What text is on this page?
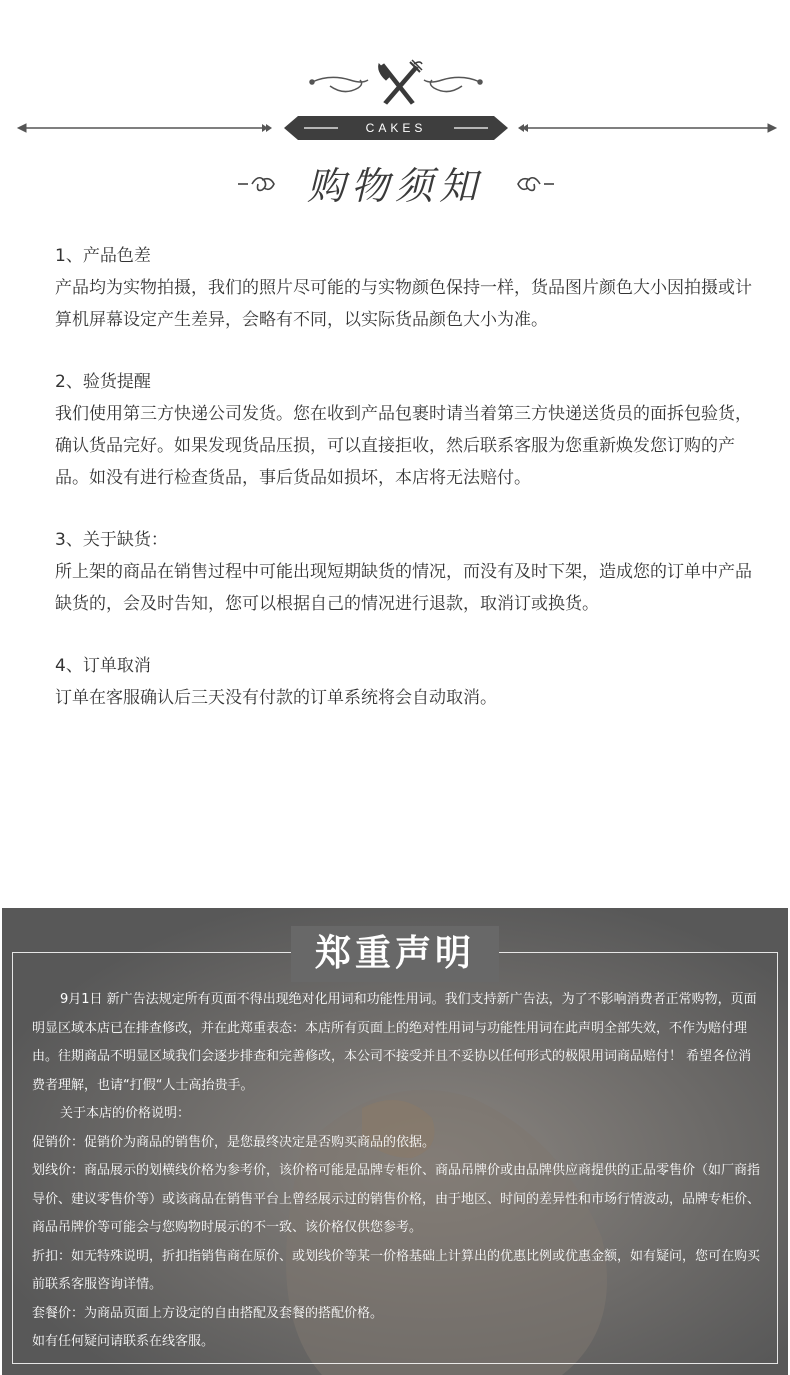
CAKES
购物须知
1、产品色差
产品均为实物拍摄，我们的照片尽可能的与实物颜色保持一样，货品图片颜色大小因拍摄或计算机屏幕设定产生差异，会略有不同，以实际货品颜色大小为准。
2、验货提醒
我们使用第三方快递公司发货。您在收到产品包裹时请当着第三方快递送货员的面拆包验货，确认货品完好。如果发现货品压损，可以直接拒收，然后联系客服为您重新焕发您订购的产品。如没有进行检查货品，事后货品如损坏，本店将无法赔付。
3、关于缺货：
所上架的商品在销售过程中可能出现短期缺货的情况，而没有及时下架，造成您的订单中产品缺货的，会及时告知，您可以根据自己的情况进行退款，取消订或换货。
4、订单取消
订单在客服确认后三天没有付款的订单系统将会自动取消。
郑重声明

9月1日 新广告法规定所有页面不得出现绝对化用词和功能性用词。我们支持新广告法，为了不影响消费者正常购物，页面明显区域本店已在排查修改，并在此郑重表态：本店所有页面上的绝对性用词与功能性用词在此声明全部失效，不作为赔付理由。往期商品不明显区域我们会逐步排查和完善修改，本公司不接受并且不妥协以任何形式的极限用词商品赔付！ 希望各位消费者理解，也请“打假“人士高抬贵手。

关于本店的价格说明：

促销价：促销价为商品的销售价，是您最终决定是否购买商品的依据。

划线价：商品展示的划横线价格为参考价，该价格可能是品牌专柜价、商品吊牌价或由品牌供应商提供的正品零售价（如厂商指导价、建议零售价等）或该商品在销售平台上曾经展示过的销售价格，由于地区、时间的差异性和市场行情波动，品牌专柜价、商品吊牌价等可能会与您购物时展示的不一致、该价格仅供您参考。

折扣：如无特殊说明，折扣指销售商在原价、或划线价等某一价格基础上计算出的优惠比例或优惠金额，如有疑问，您可在购买前联系客服咨询详情。

套餐价：为商品页面上方设定的自由搭配及套餐的搭配价格。

如有任何疑问请联系在线客服。
